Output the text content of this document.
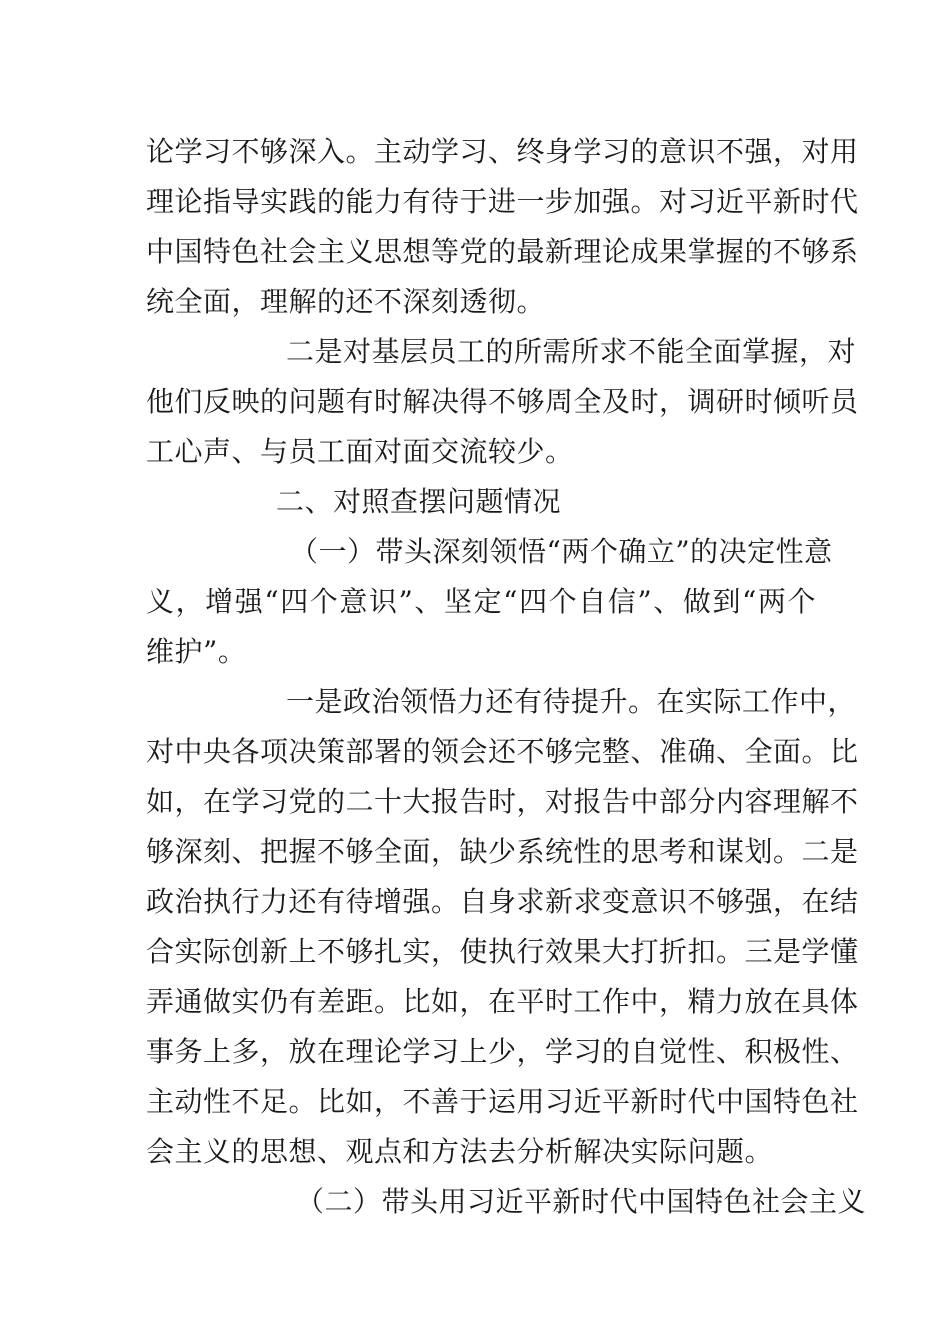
论学习不够深入。主动学习、终身学习的意识不强，对用
理论指导实践的能力有待于进一步加强。对习近平新时代
中国特色社会主义思想等党的最新理论成果掌握的不够系
统全面，理解的还不深刻透彻。
二是对基层员工的所需所求不能全面掌握，对
他们反映的问题有时解决得不够周全及时，调研时倾听员
工心声、与员工面对面交流较少。
二、对照查摆问题情况
（一）带头深刻领悟“两个确立”的决定性意
义，增强“四个意识”、坚定“四个自信”、做到“两个
维护”。
一是政治领悟力还有待提升。在实际工作中，
对中央各项决策部署的领会还不够完整、准确、全面。比
如，在学习党的二十大报告时，对报告中部分内容理解不
够深刻、把握不够全面，缺少系统性的思考和谋划。二是
政治执行力还有待增强。自身求新求变意识不够强，在结
合实际创新上不够扎实，使执行效果大打折扣。三是学懂
弄通做实仍有差距。比如，在平时工作中，精力放在具体
事务上多，放在理论学习上少，学习的自觉性、积极性、
主动性不足。比如，不善于运用习近平新时代中国特色社
会主义的思想、观点和方法去分析解决实际问题。
（二）带头用习近平新时代中国特色社会主义
